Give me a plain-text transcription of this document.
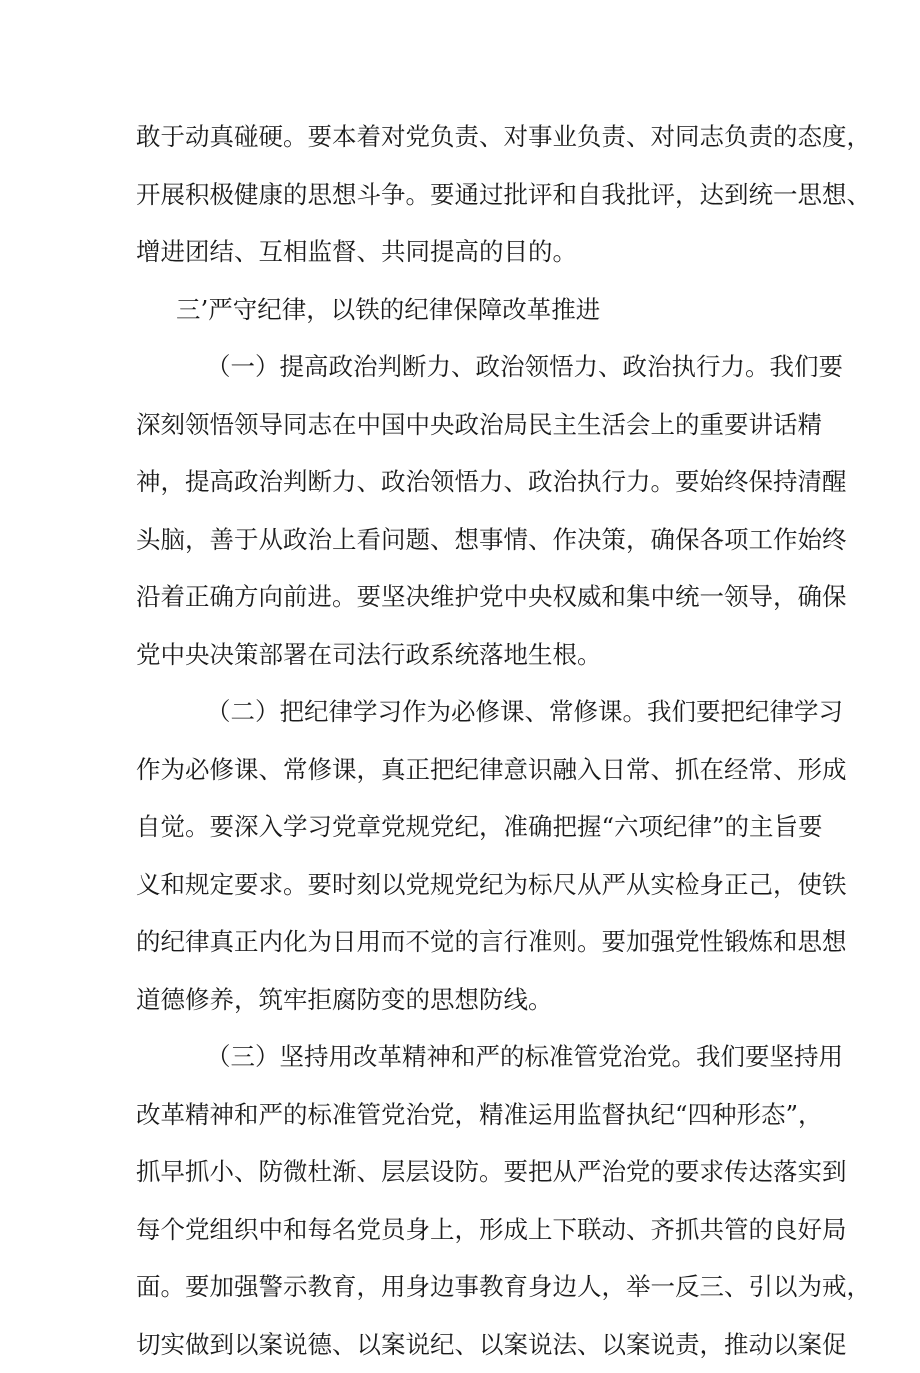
敢于动真碰硬。要本着对党负责、对事业负责、对同志负责的态度，
开展积极健康的思想斗争。要通过批评和自我批评，达到统一思想、
增进团结、互相监督、共同提高的目的。
三’严守纪律，以铁的纪律保障改革推进
（一）提高政治判断力、政治领悟力、政治执行力。我们要
深刻领悟领导同志在中国中央政治局民主生活会上的重要讲话精
神，提高政治判断力、政治领悟力、政治执行力。要始终保持清醒
头脑，善于从政治上看问题、想事情、作决策，确保各项工作始终
沿着正确方向前进。要坚决维护党中央权威和集中统一领导，确保
党中央决策部署在司法行政系统落地生根。
（二）把纪律学习作为必修课、常修课。我们要把纪律学习
作为必修课、常修课，真正把纪律意识融入日常、抓在经常、形成
自觉。要深入学习党章党规党纪，准确把握“六项纪律”的主旨要
义和规定要求。要时刻以党规党纪为标尺从严从实检身正己，使铁
的纪律真正内化为日用而不觉的言行准则。要加强党性锻炼和思想
道德修养，筑牢拒腐防变的思想防线。
（三）坚持用改革精神和严的标准管党治党。我们要坚持用
改革精神和严的标准管党治党，精准运用监督执纪“四种形态”，
抓早抓小、防微杜渐、层层设防。要把从严治党的要求传达落实到
每个党组织中和每名党员身上，形成上下联动、齐抓共管的良好局
面。要加强警示教育，用身边事教育身边人，举一反三、引以为戒，
切实做到以案说德、以案说纪、以案说法、以案说责，推动以案促
